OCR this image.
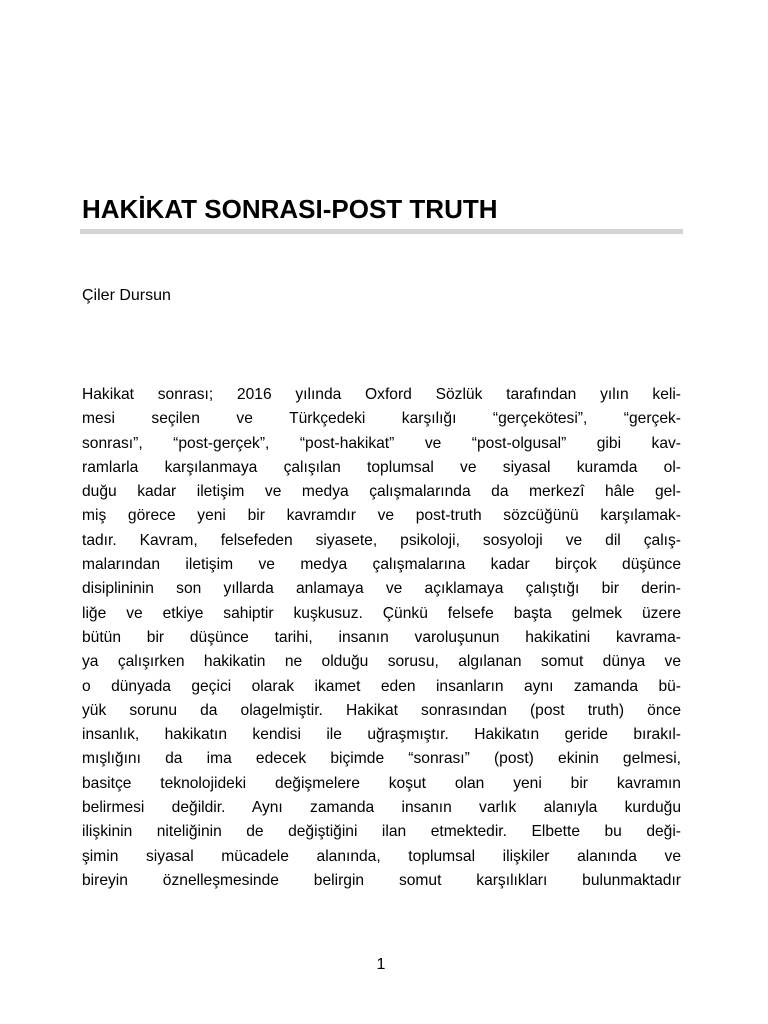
HAKİKAT SONRASI-POST TRUTH

Çiler Dursun

Hakikat sonrası; 2016 yılında Oxford Sözlük tarafından yılın keli-
mesi seçilen ve Türkçedeki karşılığı “gerçekötesi”, “gerçek-
sonrası”, “post-gerçek”, “post-hakikat” ve “post-olgusal” gibi kav-
ramlarla karşılanmaya çalışılan toplumsal ve siyasal kuramda ol-
duğu kadar iletişim ve medya çalışmalarında da merkezî hâle gel-
miş görece yeni bir kavramdır ve post-truth sözcüğünü karşılamak-
tadır. Kavram, felsefeden siyasete, psikoloji, sosyoloji ve dil çalış-
malarından iletişim ve medya çalışmalarına kadar birçok düşünce
disiplininin son yıllarda anlamaya ve açıklamaya çalıştığı bir derin-
liğe ve etkiye sahiptir kuşkusuz. Çünkü felsefe başta gelmek üzere
bütün bir düşünce tarihi, insanın varoluşunun hakikatini kavrama-
ya çalışırken hakikatin ne olduğu sorusu, algılanan somut dünya ve
o dünyada geçici olarak ikamet eden insanların aynı zamanda bü-
yük sorunu da olagelmiştir. Hakikat sonrasından (post truth) önce
insanlık, hakikatın kendisi ile uğraşmıştır. Hakikatın geride bırakıl-
mışlığını da ima edecek biçimde “sonrası” (post) ekinin gelmesi,
basitçe teknolojideki değişmelere koşut olan yeni bir kavramın
belirmesi değildir. Aynı zamanda insanın varlık alanıyla kurduğu
ilişkinin niteliğinin de değiştiğini ilan etmektedir. Elbette bu deği-
şimin siyasal mücadele alanında, toplumsal ilişkiler alanında ve
bireyin öznelleşmesinde belirgin somut karşılıkları bulunmaktadır
1
